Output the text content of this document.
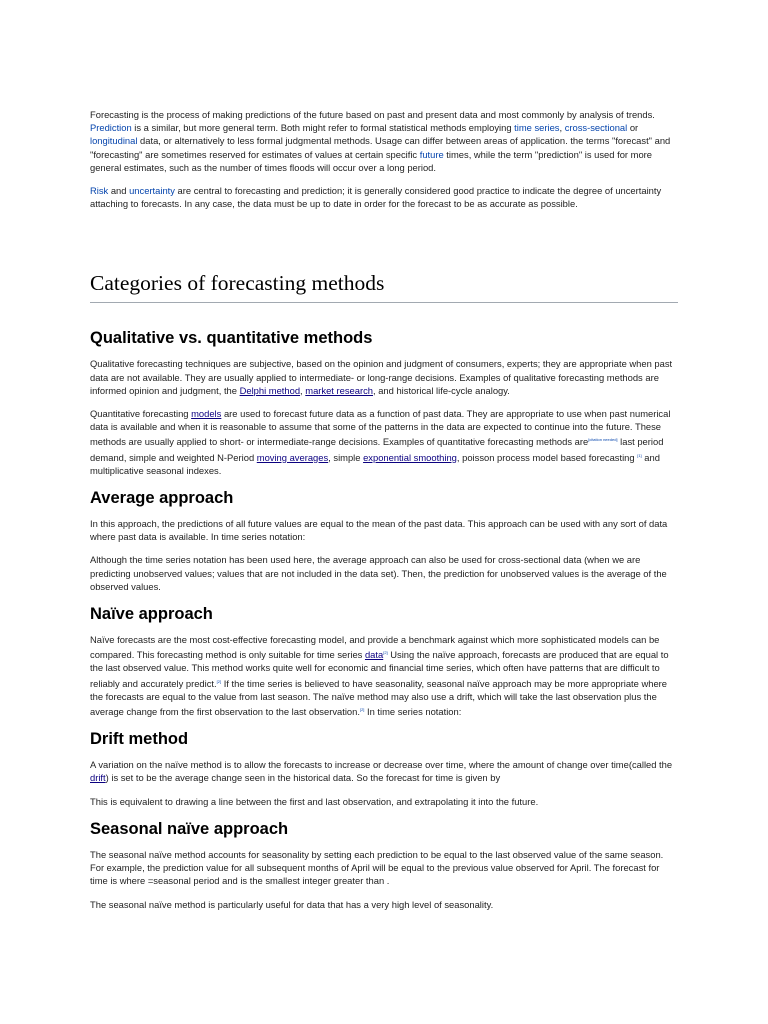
Forecasting is the process of making predictions of the future based on past and present data and most commonly by analysis of trends. Prediction is a similar, but more general term. Both might refer to formal statistical methods employing time series, cross-sectional or longitudinal data, or alternatively to less formal judgmental methods. Usage can differ between areas of application. the terms "forecast" and "forecasting" are sometimes reserved for estimates of values at certain specific future times, while the term "prediction" is used for more general estimates, such as the number of times floods will occur over a long period.

Risk and uncertainty are central to forecasting and prediction; it is generally considered good practice to indicate the degree of uncertainty attaching to forecasts. In any case, the data must be up to date in order for the forecast to be as accurate as possible.

Categories of forecasting methods
Qualitative vs. quantitative methods

Qualitative forecasting techniques are subjective, based on the opinion and judgment of consumers, experts; they are appropriate when past data are not available. They are usually applied to intermediate- or long-range decisions. Examples of qualitative forecasting methods are informed opinion and judgment, the Delphi method, market research, and historical life-cycle analogy.

Quantitative forecasting models are used to forecast future data as a function of past data. They are appropriate to use when past numerical data is available and when it is reasonable to assume that some of the patterns in the data are expected to continue into the future. These methods are usually applied to short- or intermediate-range decisions. Examples of quantitative forecasting methods are[citation needed] last period demand, simple and weighted N-Period moving averages, simple exponential smoothing, poisson process model based forecasting [1] and multiplicative seasonal indexes.

Average approach

In this approach, the predictions of all future values are equal to the mean of the past data. This approach can be used with any sort of data where past data is available. In time series notation:

Although the time series notation has been used here, the average approach can also be used for cross-sectional data (when we are predicting unobserved values; values that are not included in the data set). Then, the prediction for unobserved values is the average of the observed values.

Naïve approach

Naïve forecasts are the most cost-effective forecasting model, and provide a benchmark against which more sophisticated models can be compared. This forecasting method is only suitable for time series data[2] Using the naïve approach, forecasts are produced that are equal to the last observed value. This method works quite well for economic and financial time series, which often have patterns that are difficult to reliably and accurately predict.[2] If the time series is believed to have seasonality, seasonal naïve approach may be more appropriate where the forecasts are equal to the value from last season. The naïve method may also use a drift, which will take the last observation plus the average change from the first observation to the last observation.[2] In time series notation:

Drift method

A variation on the naïve method is to allow the forecasts to increase or decrease over time, where the amount of change over time(called the drift) is set to be the average change seen in the historical data. So the forecast for time is given by

This is equivalent to drawing a line between the first and last observation, and extrapolating it into the future.

Seasonal naïve approach

The seasonal naïve method accounts for seasonality by setting each prediction to be equal to the last observed value of the same season. For example, the prediction value for all subsequent months of April will be equal to the previous value observed for April. The forecast for time is where =seasonal period and is the smallest integer greater than .

The seasonal naïve method is particularly useful for data that has a very high level of seasonality.
